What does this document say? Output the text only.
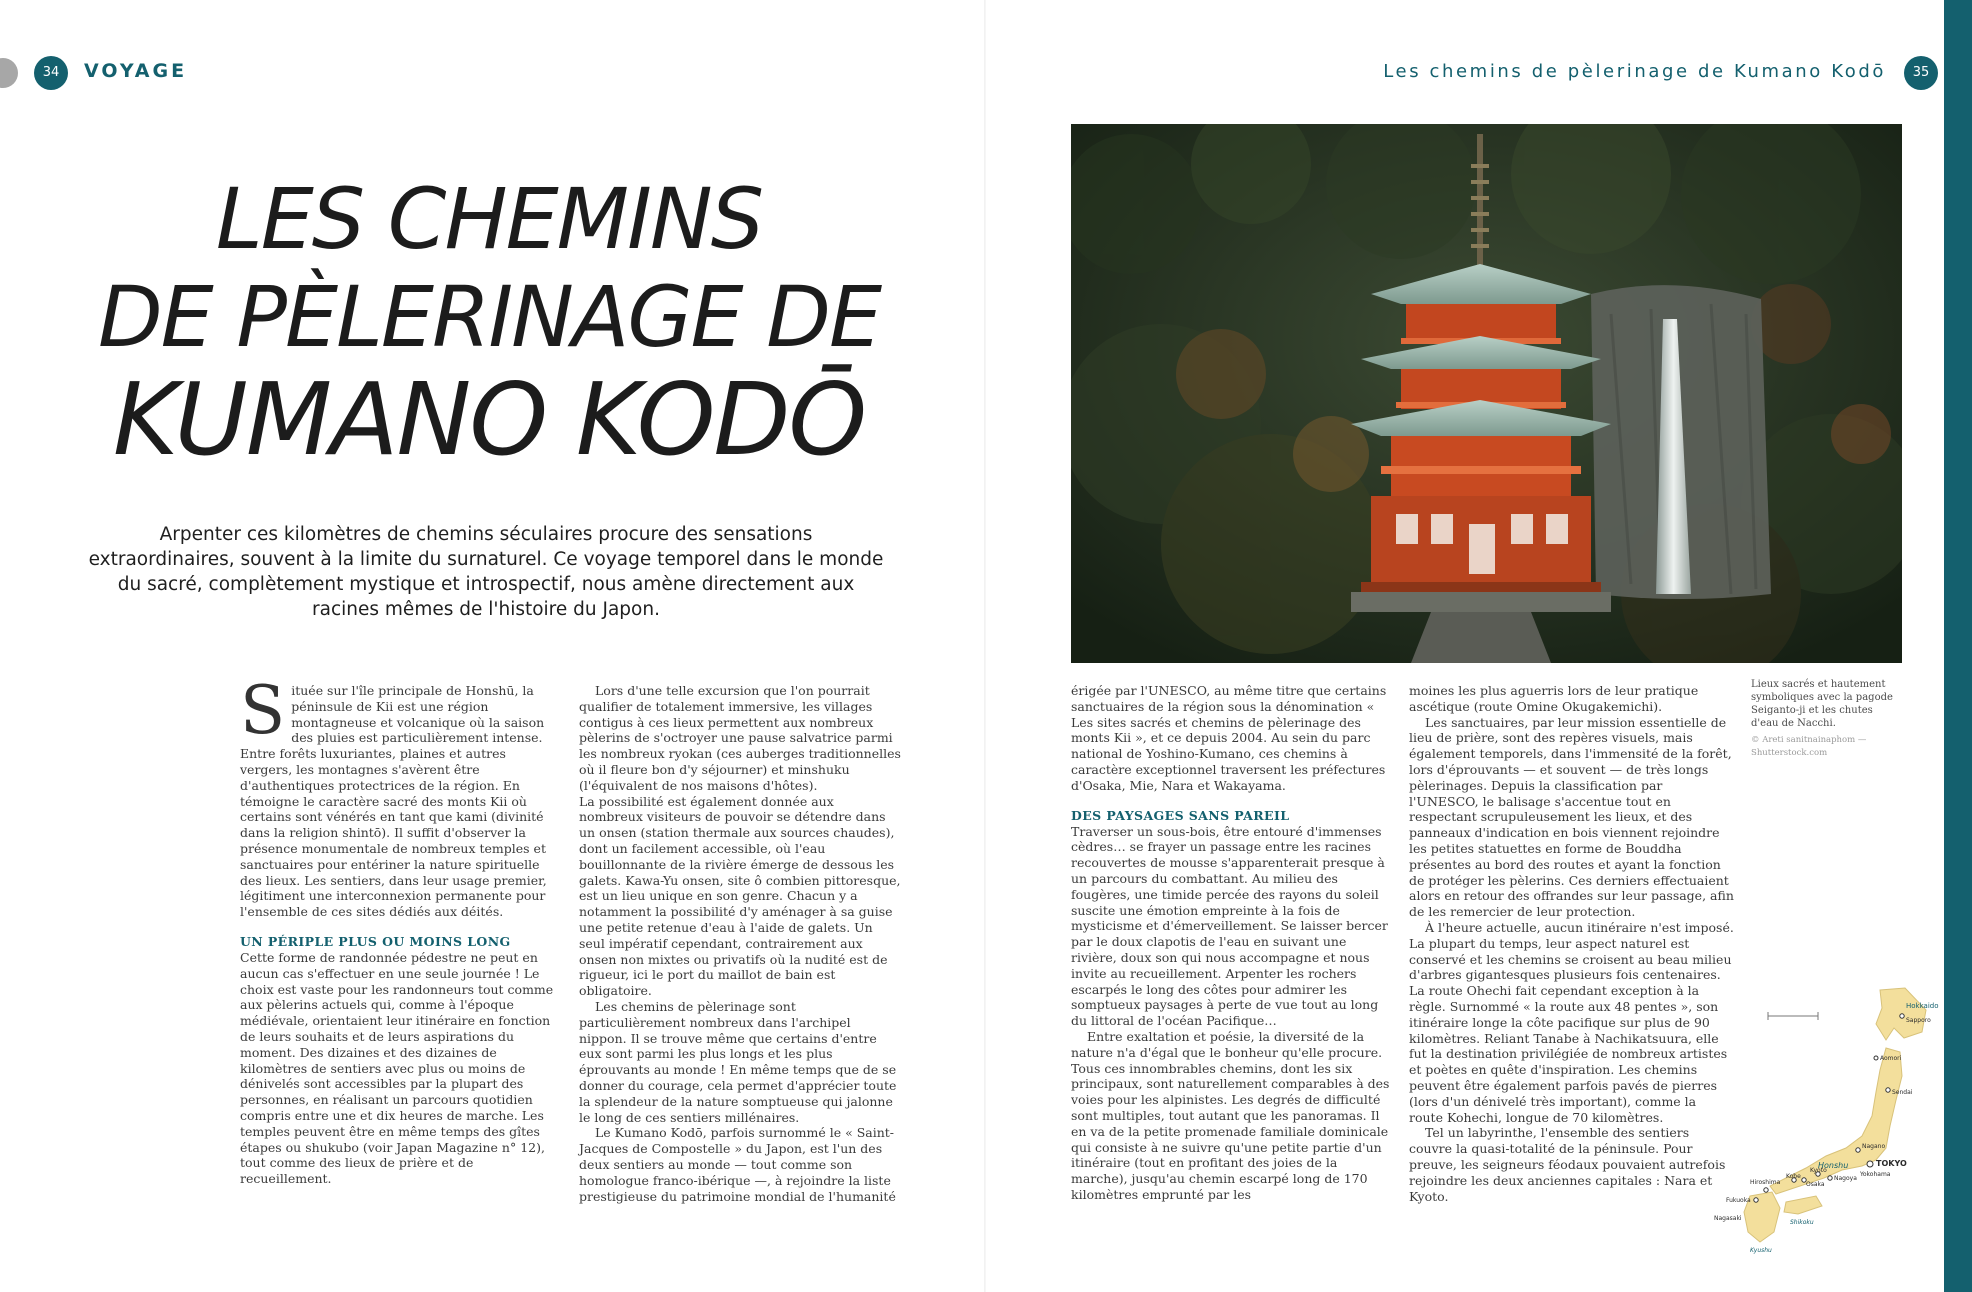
34	VOYAGE
LES CHEMINS
DE PÈLERINAGE DE
KUMANO KODŌ

Arpenter ces kilomètres de chemins séculaires procure des sensations extraordinaires, souvent à la limite du surnaturel. Ce voyage temporel dans le monde du sacré, complètement mystique et introspectif, nous amène directement aux racines mêmes de l'histoire du Japon.

Située sur l'île principale de Honshū, la péninsule de Kii est une région montagneuse et volcanique où la saison des pluies est particulièrement intense. Entre forêts luxuriantes, plaines et autres vergers, les montagnes s'avèrent être d'authentiques protectrices de la région. En témoigne le caractère sacré des monts Kii où certains sont vénérés en tant que kami (divinité dans la religion shintō). Il suffit d'observer la présence monumentale de nombreux temples et sanctuaires pour entériner la nature spirituelle des lieux. Les sentiers, dans leur usage premier, légitiment une interconnexion permanente pour l'ensemble de ces sites dédiés aux déités.

UN PÉRIPLE PLUS OU MOINS LONG

Cette forme de randonnée pédestre ne peut en aucun cas s'effectuer en une seule journée ! Le choix est vaste pour les randonneurs tout comme aux pèlerins actuels qui, comme à l'époque médiévale, orientaient leur itinéraire en fonction de leurs souhaits et de leurs aspirations du moment. Des dizaines et des dizaines de kilomètres de sentiers avec plus ou moins de dénivelés sont accessibles par la plupart des personnes, en réalisant un parcours quotidien compris entre une et dix heures de marche. Les temples peuvent être en même temps des gîtes étapes ou shukubo (voir Japan Magazine n° 12), tout comme des lieux de prière et de recueillement.

Lors d'une telle excursion que l'on pourrait qualifier de totalement immersive, les villages contigus à ces lieux permettent aux nombreux pèlerins de s'octroyer une pause salvatrice parmi les nombreux ryokan (ces auberges traditionnelles où il fleure bon d'y séjourner) et minshuku (l'équivalent de nos maisons d'hôtes).

La possibilité est également donnée aux nombreux visiteurs de pouvoir se détendre dans un onsen (station thermale aux sources chaudes), dont un facilement accessible, où l'eau bouillonnante de la rivière émerge de dessous les galets. Kawa-Yu onsen, site ô combien pittoresque, est un lieu unique en son genre. Chacun y a notamment la possibilité d'y aménager à sa guise une petite retenue d'eau à l'aide de galets. Un seul impératif cependant, contrairement aux onsen non mixtes ou privatifs où la nudité est de rigueur, ici le port du maillot de bain est obligatoire.

Les chemins de pèlerinage sont particulièrement nombreux dans l'archipel nippon. Il se trouve même que certains d'entre eux sont parmi les plus longs et les plus éprouvants au monde ! En même temps que de se donner du courage, cela permet d'apprécier toute la splendeur de la nature somptueuse qui jalonne le long de ces sentiers millénaires.

Le Kumano Kodō, parfois surnommé le « Saint-Jacques de Compostelle » du Japon, est l'un des deux sentiers au monde — tout comme son homologue franco-ibérique —, à rejoindre la liste prestigieuse du patrimoine mondial de l'humanité

Les chemins de pèlerinage de Kumano Kodō	35

érigée par l'UNESCO, au même titre que certains sanctuaires de la région sous la dénomination « Les sites sacrés et chemins de pèlerinage des monts Kii », et ce depuis 2004. Au sein du parc national de Yoshino-Kumano, ces chemins à caractère exceptionnel traversent les préfectures d'Osaka, Mie, Nara et Wakayama.

DES PAYSAGES SANS PAREIL

Traverser un sous-bois, être entouré d'immenses cèdres… se frayer un passage entre les racines recouvertes de mousse s'apparenterait presque à un parcours du combattant. Au milieu des fougères, une timide percée des rayons du soleil suscite une émotion empreinte à la fois de mysticisme et d'émerveillement. Se laisser bercer par le doux clapotis de l'eau en suivant une rivière, doux son qui nous accompagne et nous invite au recueillement. Arpenter les rochers escarpés le long des côtes pour admirer les somptueux paysages à perte de vue tout au long du littoral de l'océan Pacifique…

Entre exaltation et poésie, la diversité de la nature n'a d'égal que le bonheur qu'elle procure. Tous ces innombrables chemins, dont les six principaux, sont naturellement comparables à des voies pour les alpinistes. Les degrés de difficulté sont multiples, tout autant que les panoramas. Il en va de la petite promenade familiale dominicale qui consiste à ne suivre qu'une petite partie d'un itinéraire (tout en profitant des joies de la marche), jusqu'au chemin escarpé long de 170 kilomètres emprunté par les

moines les plus aguerris lors de leur pratique ascétique (route Omine Okugakemichi).

Les sanctuaires, par leur mission essentielle de lieu de prière, sont des repères visuels, mais également temporels, dans l'immensité de la forêt, lors d'éprouvants — et souvent — de très longs pèlerinages. Depuis la classification par l'UNESCO, le balisage s'accentue tout en respectant scrupuleusement les lieux, et des panneaux d'indication en bois viennent rejoindre les petites statuettes en forme de Bouddha présentes au bord des routes et ayant la fonction de protéger les pèlerins. Ces derniers effectuaient alors en retour des offrandes sur leur passage, afin de les remercier de leur protection.

À l'heure actuelle, aucun itinéraire n'est imposé. La plupart du temps, leur aspect naturel est conservé et les chemins se croisent au beau milieu d'arbres gigantesques plusieurs fois centenaires. La route Ohechi fait cependant exception à la règle. Surnommé « la route aux 48 pentes », son itinéraire longe la côte pacifique sur plus de 90 kilomètres. Reliant Tanabe à Nachikatsuura, elle fut la destination privilégiée de nombreux artistes et poètes en quête d'inspiration. Les chemins peuvent être également parfois pavés de pierres (lors d'un dénivelé très important), comme la route Kohechi, longue de 70 kilomètres.

Tel un labyrinthe, l'ensemble des sentiers couvre la quasi-totalité de la péninsule. Pour preuve, les seigneurs féodaux pouvaient autrefois rejoindre les deux anciennes capitales : Nara et Kyoto.

Lieux sacrés et hautement symboliques avec la pagode Seiganto-ji et les chutes d'eau de Nacchi.
© Areti sanitnainaphom — Shutterstock.com
Hokkaido
Sapporo
Honshu
Nagano
TOKYO
Yokohama
Kyoto
Osaka
Kobe	Nagoya
Hiroshima
Shikoku
Kyushu
Fukuoka
Nagasaki
Sendai
Aomori
